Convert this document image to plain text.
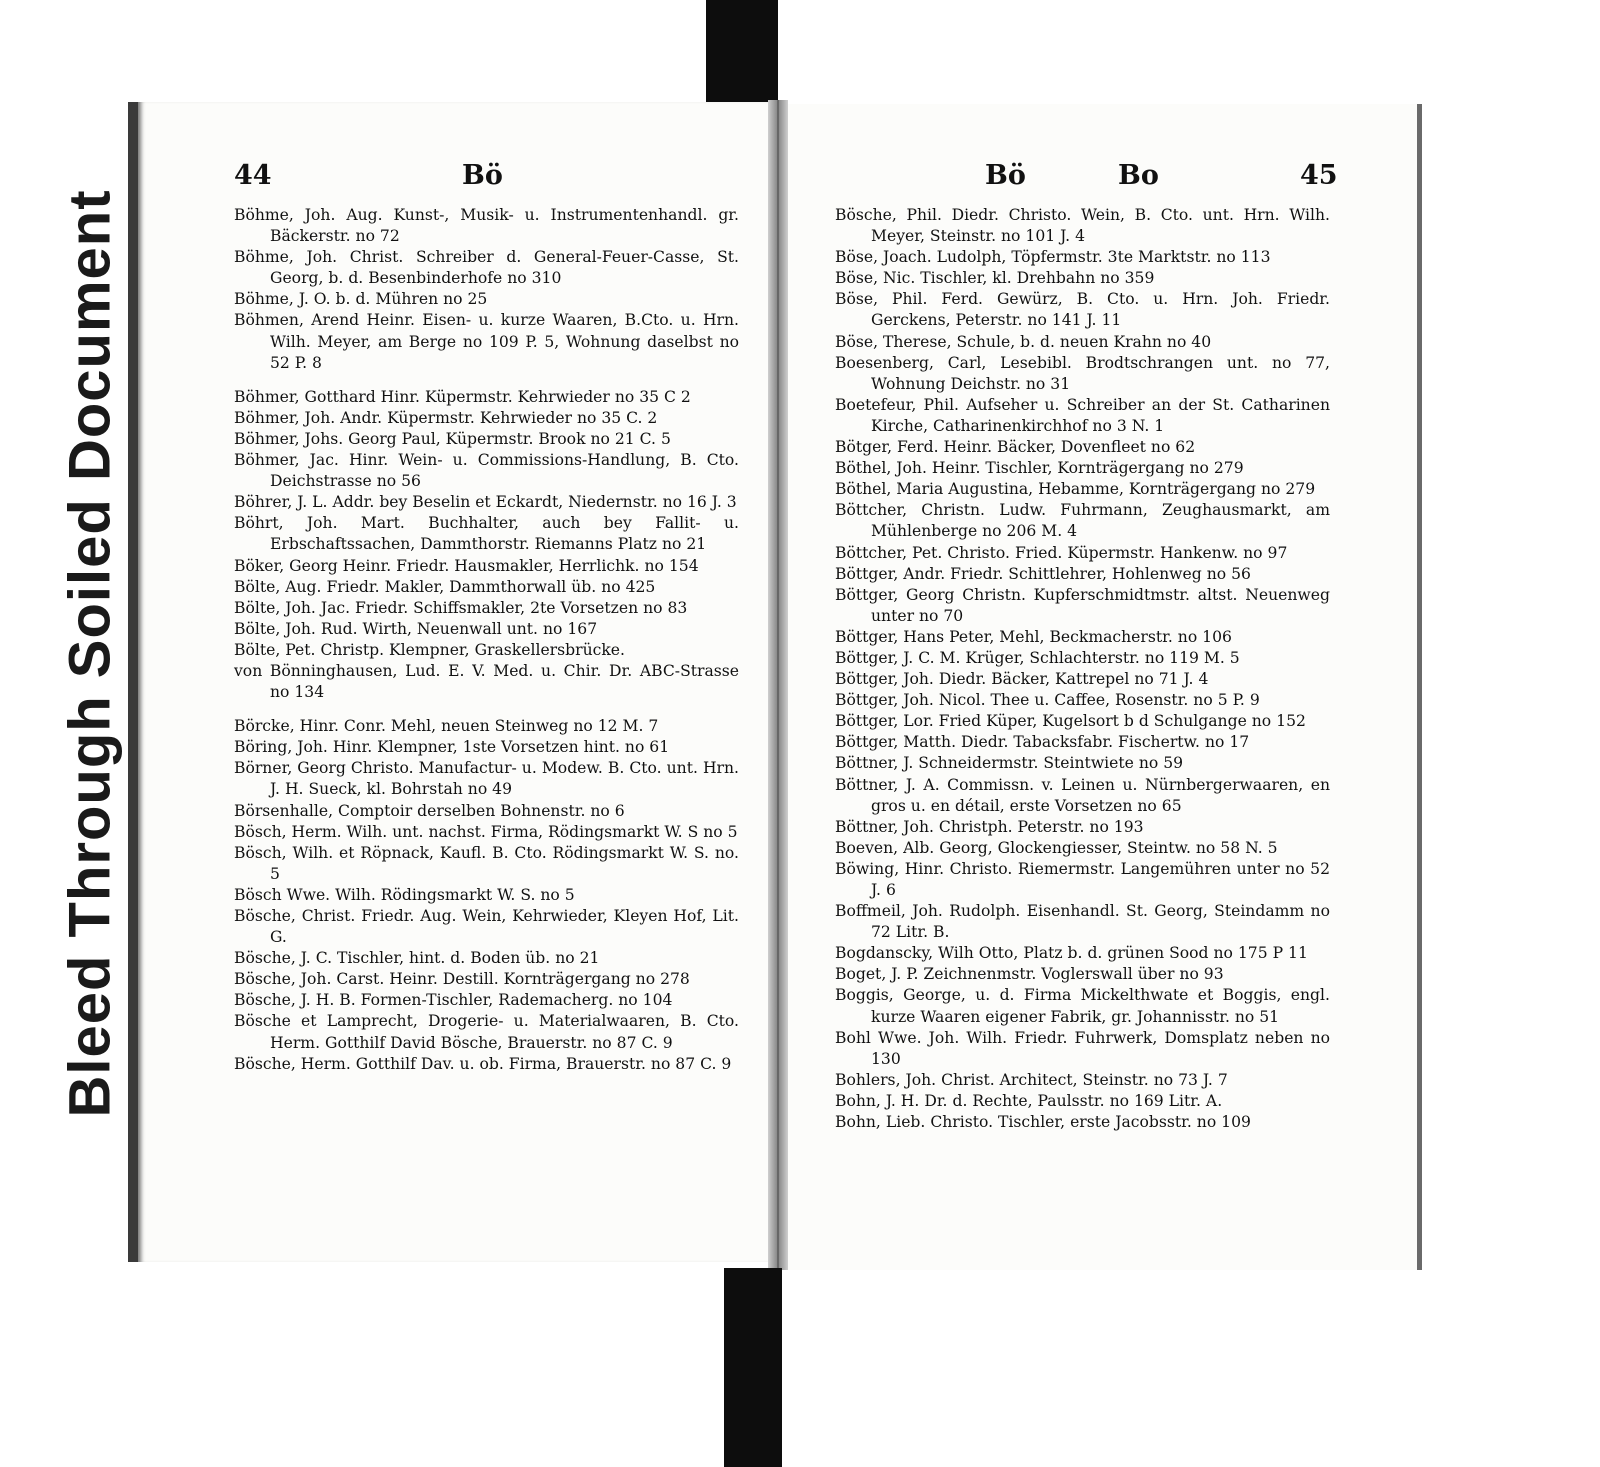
Bleed Through Soiled Document
44	Bö	Bö	Bo	45
Böhme, Joh. Aug. Kunst-, Musik- u. Instrumentenhandl. gr. Bäckerstr. no 72
Böhme, Joh. Christ. Schreiber d. General-Feuer-Casse, St. Georg, b. d. Besenbinderhofe no 310
Böhme, J. O. b. d. Mühren no 25
Böhmen, Arend Heinr. Eisen- u. kurze Waaren, B.Cto. u. Hrn. Wilh. Meyer, am Berge no 109 P. 5, Wohnung daselbst no 52 P. 8
Böhmer, Gotthard Hinr. Küpermstr. Kehrwieder no 35 C 2
Böhmer, Joh. Andr. Küpermstr. Kehrwieder no 35 C. 2
Böhmer, Johs. Georg Paul, Küpermstr. Brook no 21 C. 5
Böhmer, Jac. Hinr. Wein- u. Commissions-Handlung, B. Cto. Deichstrasse no 56
Böhrer, J. L. Addr. bey Beselin et Eckardt, Niedernstr. no 16 J. 3
Böhrt, Joh. Mart. Buchhalter, auch bey Fallit- u. Erbschaftssachen, Dammthorstr. Riemanns Platz no 21
Böker, Georg Heinr. Friedr. Hausmakler, Herrlichk. no 154
Bölte, Aug. Friedr. Makler, Dammthorwall üb. no 425
Bölte, Joh. Jac. Friedr. Schiffsmakler, 2te Vorsetzen no 83
Bölte, Joh. Rud. Wirth, Neuenwall unt. no 167
Bölte, Pet. Christp. Klempner, Graskellersbrücke.
von Bönninghausen, Lud. E. V. Med. u. Chir. Dr. ABC-Strasse no 134
Börcke, Hinr. Conr. Mehl, neuen Steinweg no 12 M. 7
Böring, Joh. Hinr. Klempner, 1ste Vorsetzen hint. no 61
Börner, Georg Christo. Manufactur- u. Modew. B. Cto. unt. Hrn. J. H. Sueck, kl. Bohrstah no 49
Börsenhalle, Comptoir derselben Bohnenstr. no 6
Bösch, Herm. Wilh. unt. nachst. Firma, Rödingsmarkt W. S no 5
Bösch, Wilh. et Röpnack, Kaufl. B. Cto. Rödingsmarkt W. S. no. 5
Bösch Wwe. Wilh. Rödingsmarkt W. S. no 5
Bösche, Christ. Friedr. Aug. Wein, Kehrwieder, Kleyen Hof, Lit. G.
Bösche, J. C. Tischler, hint. d. Boden üb. no 21
Bösche, Joh. Carst. Heinr. Destill. Kornträgergang no 278
Bösche, J. H. B. Formen-Tischler, Rademacherg. no 104
Bösche et Lamprecht, Drogerie- u. Materialwaaren, B. Cto. Herm. Gotthilf David Bösche, Brauerstr. no 87 C. 9
Bösche, Herm. Gotthilf Dav. u. ob. Firma, Brauerstr. no 87 C. 9
Bösche, Phil. Diedr. Christo. Wein, B. Cto. unt. Hrn. Wilh. Meyer, Steinstr. no 101 J. 4
Böse, Joach. Ludolph, Töpfermstr. 3te Marktstr. no 113
Böse, Nic. Tischler, kl. Drehbahn no 359
Böse, Phil. Ferd. Gewürz, B. Cto. u. Hrn. Joh. Friedr. Gerckens, Peterstr. no 141 J. 11
Böse, Therese, Schule, b. d. neuen Krahn no 40
Boesenberg, Carl, Lesebibl. Brodtschrangen unt. no 77, Wohnung Deichstr. no 31
Boetefeur, Phil. Aufseher u. Schreiber an der St. Catharinen Kirche, Catharinenkirchhof no 3 N. 1
Bötger, Ferd. Heinr. Bäcker, Dovenfleet no 62
Böthel, Joh. Heinr. Tischler, Kornträgergang no 279
Böthel, Maria Augustina, Hebamme, Kornträgergang no 279
Böttcher, Christn. Ludw. Fuhrmann, Zeughausmarkt, am Mühlenberge no 206 M. 4
Böttcher, Pet. Christo. Fried. Küpermstr. Hankenw. no 97
Böttger, Andr. Friedr. Schittlehrer, Hohlenweg no 56
Böttger, Georg Christn. Kupferschmidtmstr. altst. Neuenweg unter no 70
Böttger, Hans Peter, Mehl, Beckmacherstr. no 106
Böttger, J. C. M. Krüger, Schlachterstr. no 119 M. 5
Böttger, Joh. Diedr. Bäcker, Kattrepel no 71 J. 4
Böttger, Joh. Nicol. Thee u. Caffee, Rosenstr. no 5 P. 9
Böttger, Lor. Fried Küper, Kugelsort b d Schulgange no 152
Böttger, Matth. Diedr. Tabacksfabr. Fischertw. no 17
Böttner, J. Schneidermstr. Steintwiete no 59
Böttner, J. A. Commissn. v. Leinen u. Nürnbergerwaaren, en gros u. en détail, erste Vorsetzen no 65
Böttner, Joh. Christph. Peterstr. no 193
Boeven, Alb. Georg, Glockengiesser, Steintw. no 58 N. 5
Böwing, Hinr. Christo. Riemermstr. Langemühren unter no 52 J. 6
Boffmeil, Joh. Rudolph. Eisenhandl. St. Georg, Steindamm no 72 Litr. B.
Bogdanscky, Wilh Otto, Platz b. d. grünen Sood no 175 P 11
Boget, J. P. Zeichnenmstr. Voglerswall über no 93
Boggis, George, u. d. Firma Mickelthwate et Boggis, engl. kurze Waaren eigener Fabrik, gr. Johannisstr. no 51
Bohl Wwe. Joh. Wilh. Friedr. Fuhrwerk, Domsplatz neben no 130
Bohlers, Joh. Christ. Architect, Steinstr. no 73 J. 7
Bohn, J. H. Dr. d. Rechte, Paulsstr. no 169 Litr. A.
Bohn, Lieb. Christo. Tischler, erste Jacobsstr. no 109
